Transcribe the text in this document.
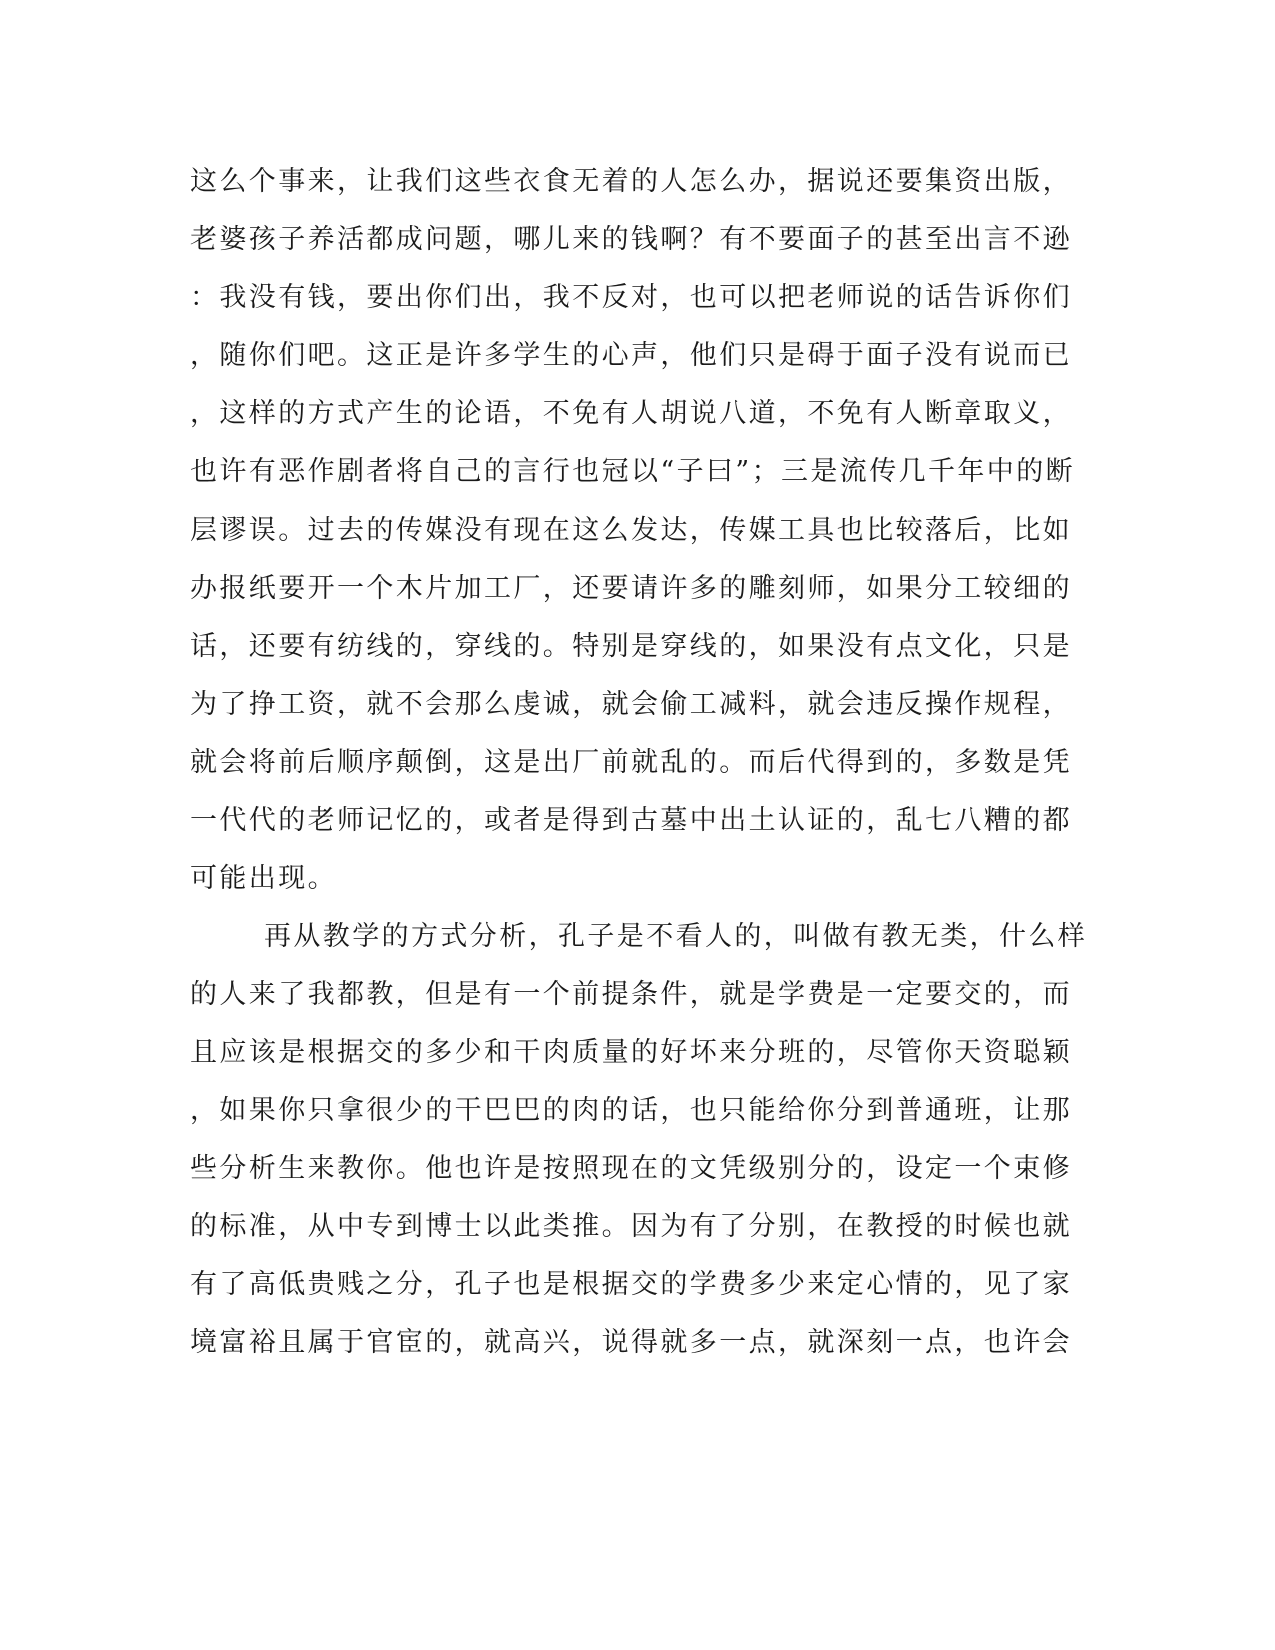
这么个事来，让我们这些衣食无着的人怎么办，据说还要集资出版，
老婆孩子养活都成问题，哪儿来的钱啊？有不要面子的甚至出言不逊
：我没有钱，要出你们出，我不反对，也可以把老师说的话告诉你们
，随你们吧。这正是许多学生的心声，他们只是碍于面子没有说而已
，这样的方式产生的论语，不免有人胡说八道，不免有人断章取义，
也许有恶作剧者将自己的言行也冠以“子曰”；三是流传几千年中的断
层谬误。过去的传媒没有现在这么发达，传媒工具也比较落后，比如
办报纸要开一个木片加工厂，还要请许多的雕刻师，如果分工较细的
话，还要有纺线的，穿线的。特别是穿线的，如果没有点文化，只是
为了挣工资，就不会那么虔诚，就会偷工减料，就会违反操作规程，
就会将前后顺序颠倒，这是出厂前就乱的。而后代得到的，多数是凭
一代代的老师记忆的，或者是得到古墓中出土认证的，乱七八糟的都
可能出现。
再从教学的方式分析，孔子是不看人的，叫做有教无类，什么样
的人来了我都教，但是有一个前提条件，就是学费是一定要交的，而
且应该是根据交的多少和干肉质量的好坏来分班的，尽管你天资聪颖
，如果你只拿很少的干巴巴的肉的话，也只能给你分到普通班，让那
些分析生来教你。他也许是按照现在的文凭级别分的，设定一个束修
的标准，从中专到博士以此类推。因为有了分别，在教授的时候也就
有了高低贵贱之分，孔子也是根据交的学费多少来定心情的，见了家
境富裕且属于官宦的，就高兴，说得就多一点，就深刻一点，也许会
